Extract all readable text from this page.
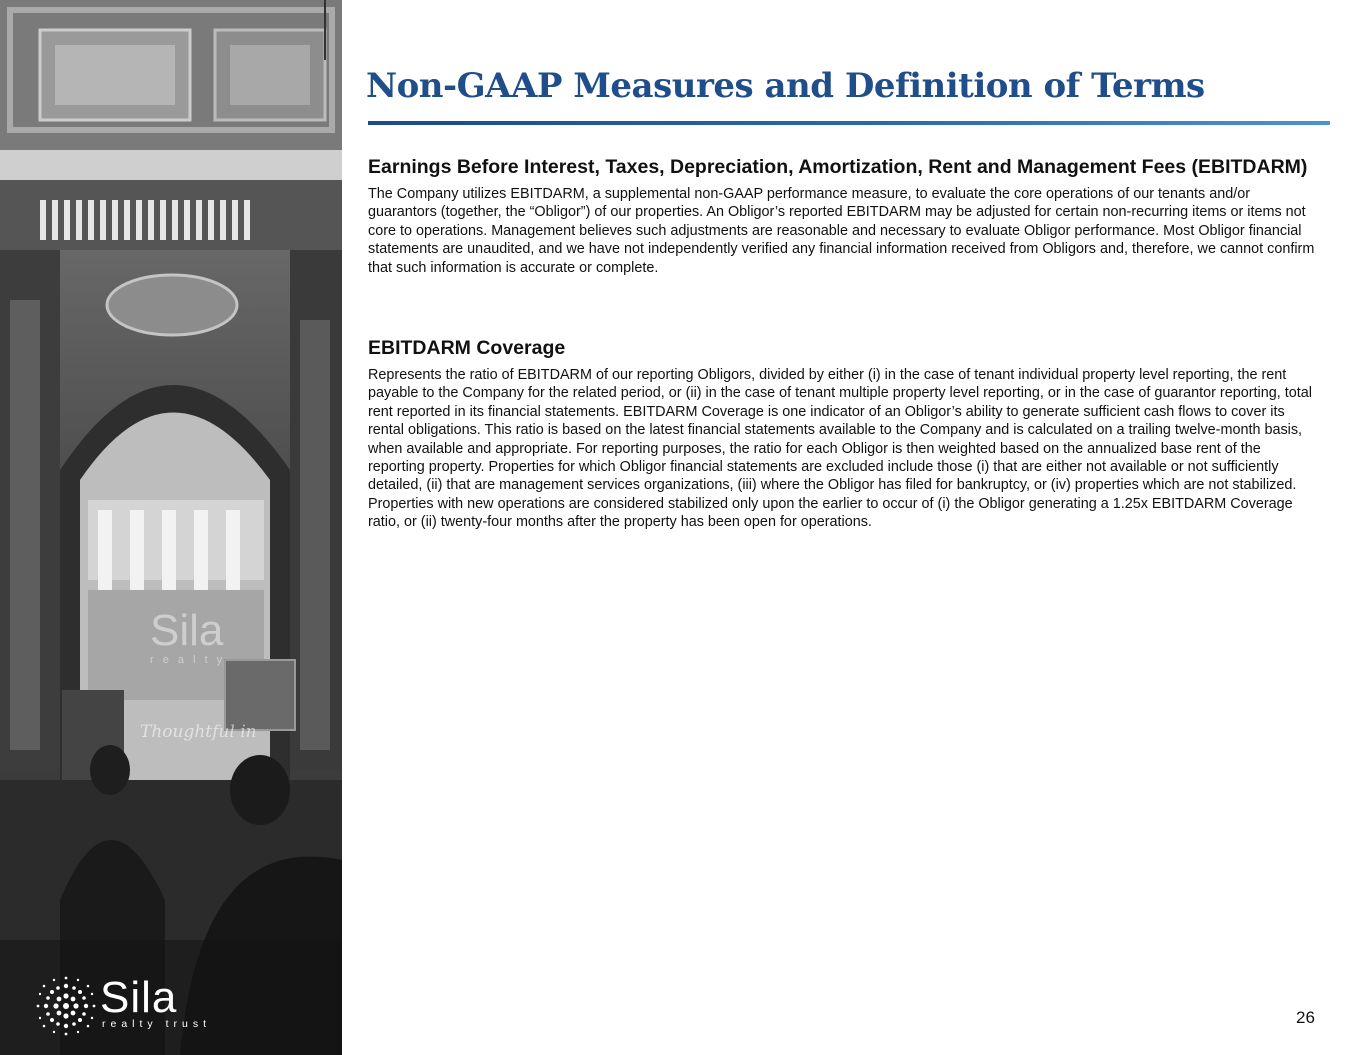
Sila
r e a l t y
Thoughtful in
Sila
realty trust
Non-GAAP Measures and Definition of Terms
Earnings Before Interest, Taxes, Depreciation, Amortization, Rent and Management Fees (EBITDARM)

The Company utilizes EBITDARM, a supplemental non-GAAP performance measure, to evaluate the core operations of our tenants and/or guarantors (together, the “Obligor”) of our properties. An Obligor’s reported EBITDARM may be adjusted for certain non-recurring items or items not core to operations. Management believes such adjustments are reasonable and necessary to evaluate Obligor performance. Most Obligor financial statements are unaudited, and we have not independently verified any financial information received from Obligors and, therefore, we cannot confirm that such information is accurate or complete.

EBITDARM Coverage

Represents the ratio of EBITDARM of our reporting Obligors, divided by either (i) in the case of tenant individual property level reporting, the rent payable to the Company for the related period, or (ii) in the case of tenant multiple property level reporting, or in the case of guarantor reporting, total rent reported in its financial statements. EBITDARM Coverage is one indicator of an Obligor’s ability to generate sufficient cash flows to cover its rental obligations. This ratio is based on the latest financial statements available to the Company and is calculated on a trailing twelve-month basis, when available and appropriate. For reporting purposes, the ratio for each Obligor is then weighted based on the annualized base rent of the reporting property. Properties for which Obligor financial statements are excluded include those (i) that are either not available or not sufficiently detailed, (ii) that are management services organizations, (iii) where the Obligor has filed for bankruptcy, or (iv) properties which are not stabilized. Properties with new operations are considered stabilized only upon the earlier to occur of (i) the Obligor generating a 1.25x EBITDARM Coverage ratio, or (ii) twenty-four months after the property has been open for operations.

26
